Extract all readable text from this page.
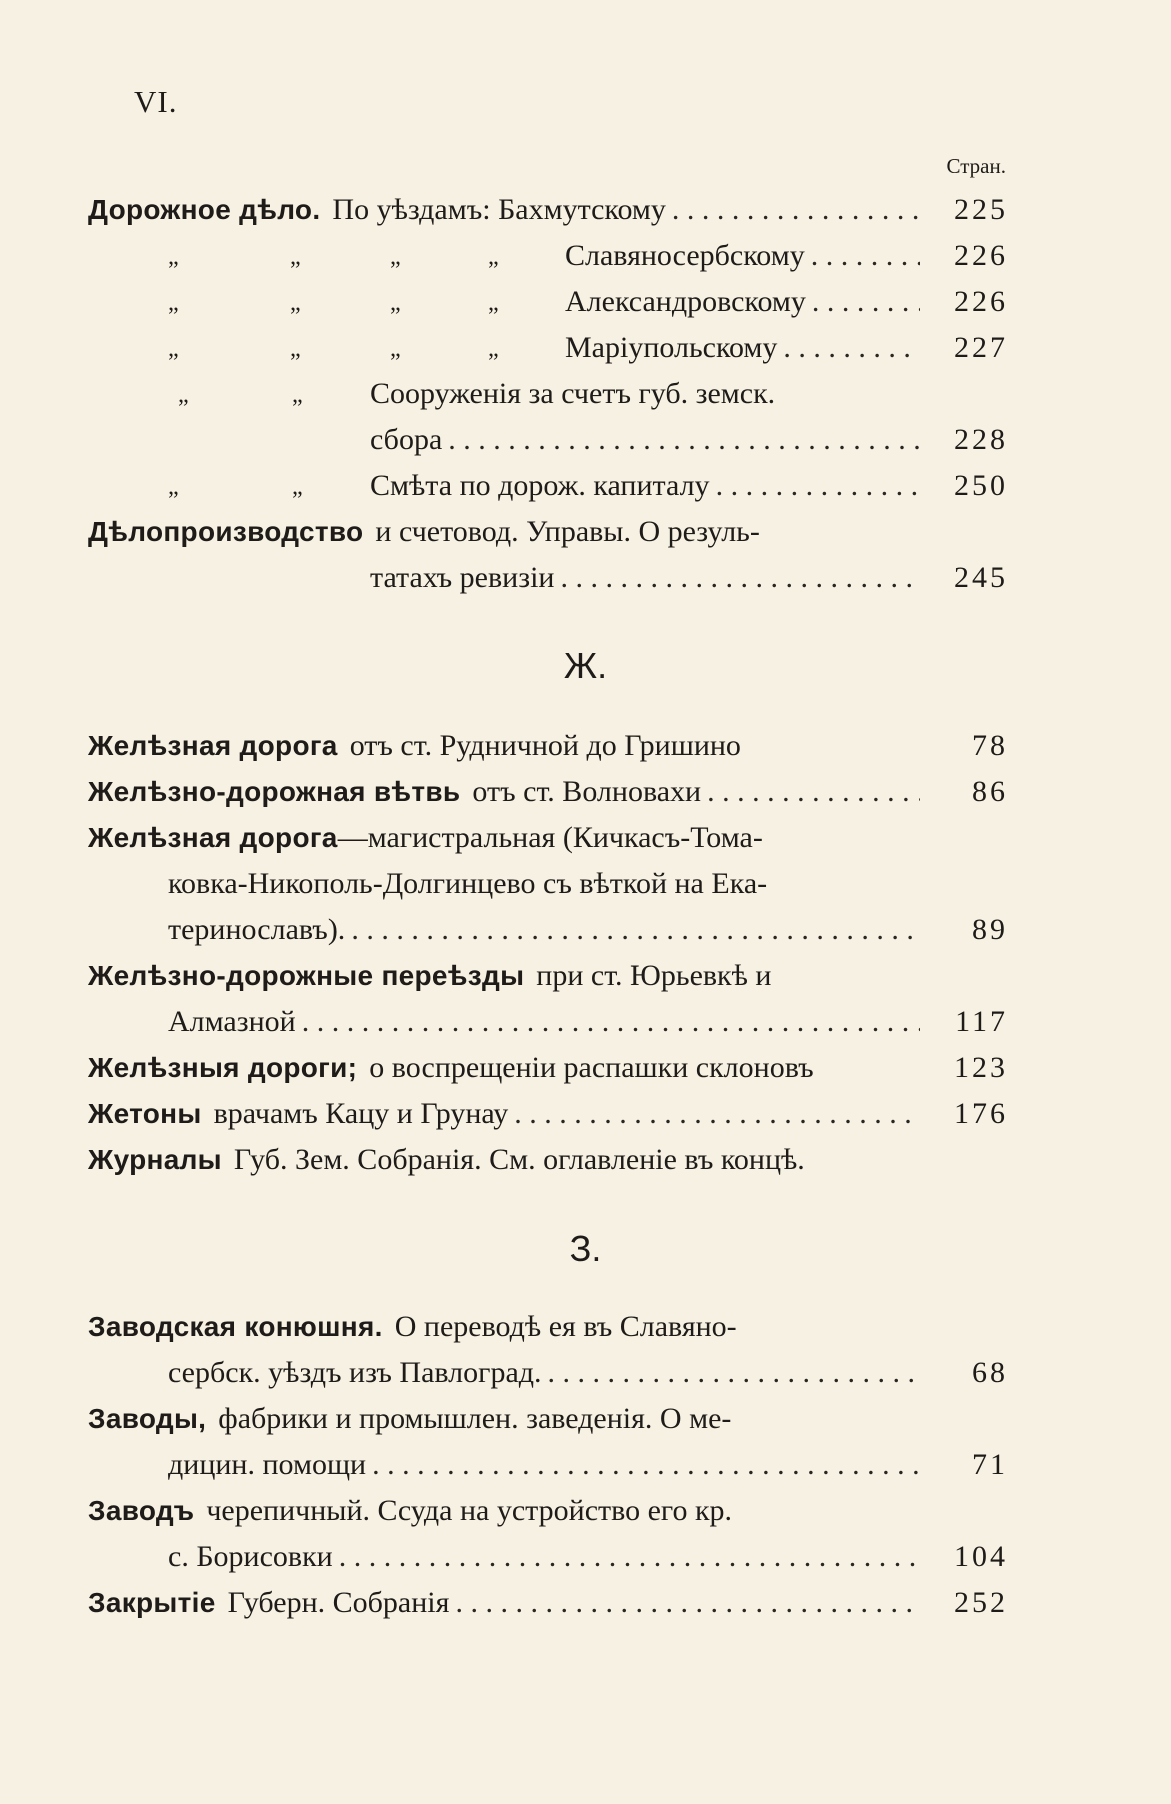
VI.
Стран.
Дорожное дѣло. По уѣздамъ: Бахмутскому . . .	225
„	„	„	„ Славяносербскому . . .	226
„	„	„	„ Александровскому . . .	226
„	„	„	„ Маріупольскому . . .	227
„	„ Сооруженія за счетъ губ. земск.
сбора . . .	228
„	„ Смѣта по дорож. капиталу . . .	250
Дѣлопроизводство и счетовод. Управы. О резуль-
татахъ ревизіи . . .	245
Ж.
Желѣзная дорога отъ ст. Рудничной до Гришино	78
Желѣзно-дорожная вѣтвь отъ ст. Волновахи . . .	86
Желѣзная дорога —магистральная (Кичкасъ-Тома-
ковка-Никополь-Долгинцево съ вѣткой на Ека-
теринославъ). . . .	89
Желѣзно-дорожные переѣзды при ст. Юрьевкѣ и
Алмазной . . .	117
Желѣзныя дороги; о воспрещеніи распашки склоновъ	123
Жетоны врачамъ Кацу и Грунау . . .	176
Журналы Губ. Зем. Собранія. См. оглавленіе въ концѣ.
З.
Заводская конюшня. О переводѣ ея въ Славяно-
сербск. уѣздъ изъ Павлоград. . . .	68
Заводы, фабрики и промышлен. заведенія. О ме-
дицин. помощи . . .	71
Заводъ черепичный. Ссуда на устройство его кр.
с. Борисовки . . .	104
Закрытіе Губерн. Собранія . . .	252
